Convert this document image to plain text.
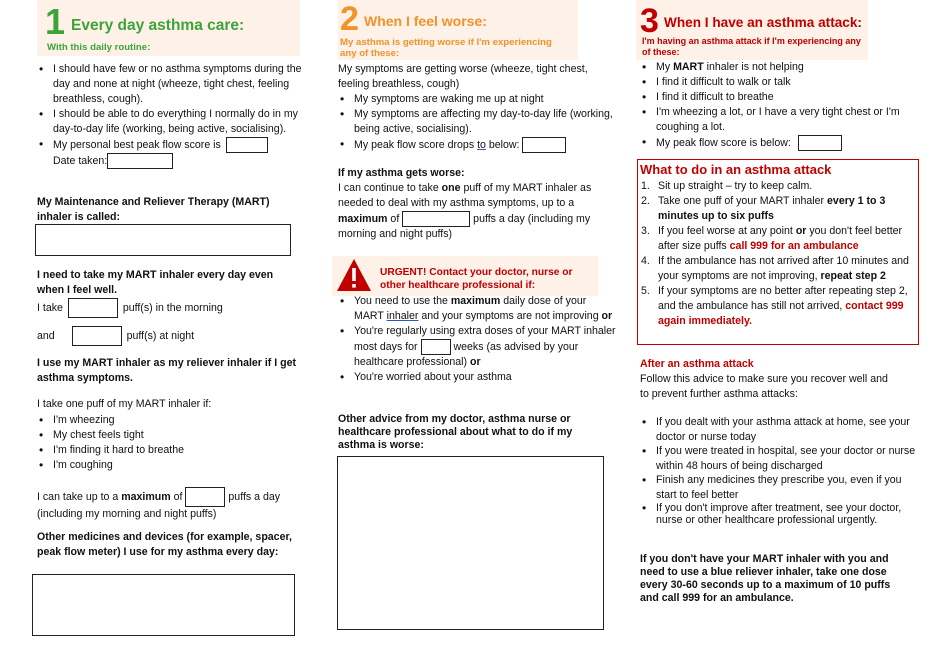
1 Every day asthma care:
With this daily routine:
• I should have few or no asthma symptoms during the day and none at night (wheeze, tight chest, feeling breathless, cough).
• I should be able to do everything I normally do in my day-to-day life (working, being active, socialising).
• My personal best peak flow score is
Date taken:
My Maintenance and Reliever Therapy (MART) inhaler is called:
I need to take my MART inhaler every day even when I feel well.
I take	puff(s) in the morning
and	puff(s) at night
I use my MART inhaler as my reliever inhaler if I get asthma symptoms.
I take one puff of my MART inhaler if:
• I'm wheezing
• My chest feels tight
• I'm finding it hard to breathe
• I'm coughing
I can take up to a maximum of	puffs a day
(including my morning and night puffs)
Other medicines and devices (for example, spacer, peak flow meter) I use for my asthma every day:
2 When I feel worse:
My asthma is getting worse if I'm experiencing any of these:
My symptoms are getting worse (wheeze, tight chest, feeling breathless, cough)
• My symptoms are waking me up at night
• My symptoms are affecting my day-to-day life (working, being active, socialising).
• My peak flow score drops to below:
If my asthma gets worse:
I can continue to take one puff of my MART inhaler as needed to deal with my asthma symptoms, up to a maximum of	puffs a day (including my morning and night puffs)
URGENT! Contact your doctor, nurse or other healthcare professional if:
• You need to use the maximum daily dose of your MART inhaler and your symptoms are not improving or
• You're regularly using extra doses of your MART inhaler most days for	weeks (as advised by your healthcare professional) or
• You're worried about your asthma
Other advice from my doctor, asthma nurse or healthcare professional about what to do if my asthma is worse:
3 When I have an asthma attack:
I'm having an asthma attack if I'm experiencing any of these:
• My MART inhaler is not helping
• I find it difficult to walk or talk
• I find it difficult to breathe
• I'm wheezing a lot, or I have a very tight chest or I'm coughing a lot.
• My peak flow score is below:
What to do in an asthma attack
1. Sit up straight – try to keep calm.
2. Take one puff of your MART inhaler every 1 to 3 minutes up to six puffs
3. If you feel worse at any point or you don't feel better after size puffs call 999 for an ambulance
4. If the ambulance has not arrived after 10 minutes and your symptoms are not improving, repeat step 2
5. If your symptoms are no better after repeating step 2, and the ambulance has still not arrived, contact 999 again immediately.
After an asthma attack
Follow this advice to make sure you recover well and to prevent further asthma attacks:
• If you dealt with your asthma attack at home, see your doctor or nurse today
• If you were treated in hospital, see your doctor or nurse within 48 hours of being discharged
• Finish any medicines they prescribe you, even if you start to feel better
• If you don't improve after treatment, see your doctor, nurse or other healthcare professional urgently.
If you don't have your MART inhaler with you and need to use a blue reliever inhaler, take one dose every 30-60 seconds up to a maximum of 10 puffs and call 999 for an ambulance.
